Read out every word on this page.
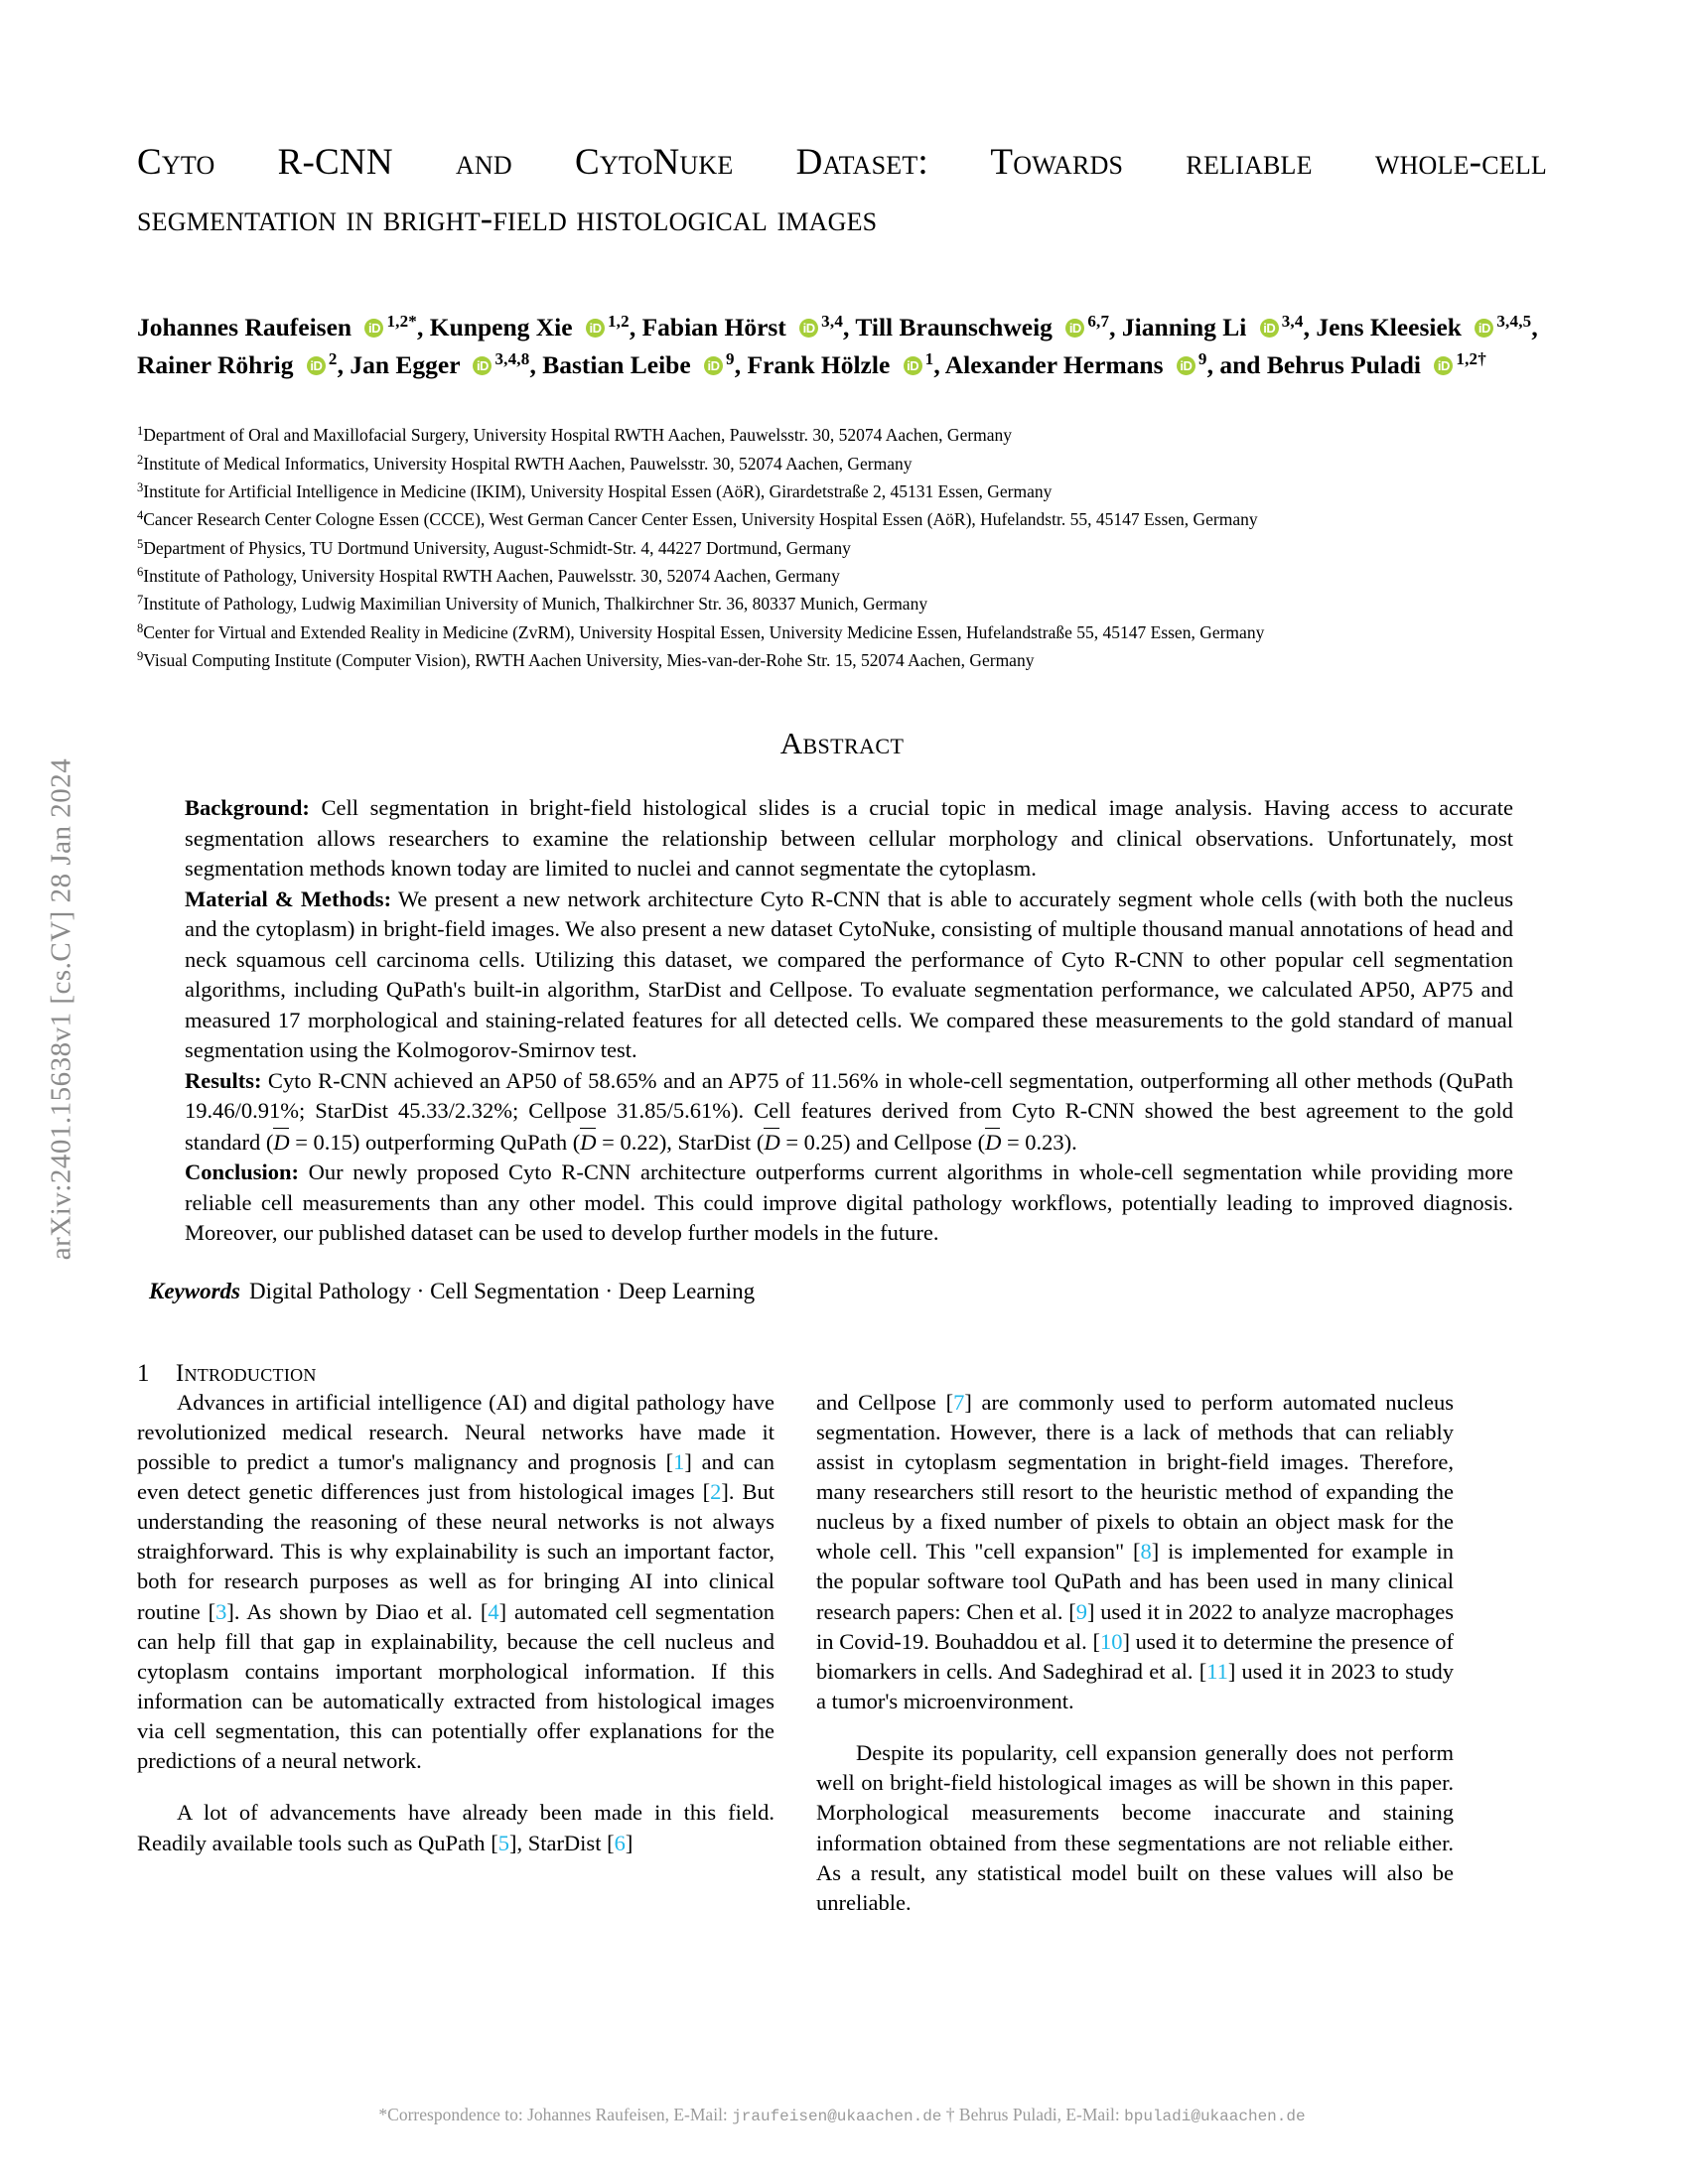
arXiv:2401.15638v1 [cs.CV] 28 Jan 2024
Cyto R-CNN and CytoNuke Dataset: Towards reliable whole-cell
segmentation in bright-field histological images
Johannes Raufeisen iD $^{1,2*}$, Kunpeng Xie iD $^{1,2}$, Fabian Hörst iD $^{3,4}$, Till Braunschweig iD $^{6,7}$, Jianning Li iD $^{3,4}$, Jens Kleesiek iD $^{3,4,5}$, Rainer Röhrig iD $^2$, Jan Egger iD $^{3,4,8}$, Bastian Leibe iD $^9$, Frank Hölzle iD $^1$, Alexander Hermans iD $^9$, and Behrus Puladi iD $^{1,2\dagger}$
$^1$Department of Oral and Maxillofacial Surgery, University Hospital RWTH Aachen, Pauwelsstr. 30, 52074 Aachen, Germany
$^2$Institute of Medical Informatics, University Hospital RWTH Aachen, Pauwelsstr. 30, 52074 Aachen, Germany
$^3$Institute for Artificial Intelligence in Medicine (IKIM), University Hospital Essen (AöR), Girardetstraße 2, 45131 Essen, Germany
$^4$Cancer Research Center Cologne Essen (CCCE), West German Cancer Center Essen, University Hospital Essen (AöR), Hufelandstr. 55, 45147 Essen, Germany
$^5$Department of Physics, TU Dortmund University, August-Schmidt-Str. 4, 44227 Dortmund, Germany
$^6$Institute of Pathology, University Hospital RWTH Aachen, Pauwelsstr. 30, 52074 Aachen, Germany
$^7$Institute of Pathology, Ludwig Maximilian University of Munich, Thalkirchner Str. 36, 80337 Munich, Germany
$^8$Center for Virtual and Extended Reality in Medicine (ZvRM), University Hospital Essen, University Medicine Essen, Hufelandstraße 55, 45147 Essen, Germany
$^9$Visual Computing Institute (Computer Vision), RWTH Aachen University, Mies-van-der-Rohe Str. 15, 52074 Aachen, Germany
Abstract

Background: Cell segmentation in bright-field histological slides is a crucial topic in medical image analysis. Having access to accurate segmentation allows researchers to examine the relationship between cellular morphology and clinical observations. Unfortunately, most segmentation methods known today are limited to nuclei and cannot segmentate the cytoplasm.

Material & Methods: We present a new network architecture Cyto R-CNN that is able to accurately segment whole cells (with both the nucleus and the cytoplasm) in bright-field images. We also present a new dataset CytoNuke, consisting of multiple thousand manual annotations of head and neck squamous cell carcinoma cells. Utilizing this dataset, we compared the performance of Cyto R-CNN to other popular cell segmentation algorithms, including QuPath's built-in algorithm, StarDist and Cellpose. To evaluate segmentation performance, we calculated AP50, AP75 and measured 17 morphological and staining-related features for all detected cells. We compared these measurements to the gold standard of manual segmentation using the Kolmogorov-Smirnov test.

Results: Cyto R-CNN achieved an AP50 of 58.65% and an AP75 of 11.56% in whole-cell segmentation, outperforming all other methods (QuPath 19.46/0.91%; StarDist 45.33/2.32%; Cellpose 31.85/5.61%). Cell features derived from Cyto R-CNN showed the best agreement to the gold standard (D = 0.15) outperforming QuPath (D = 0.22), StarDist (D = 0.25) and Cellpose (D = 0.23).

Conclusion: Our newly proposed Cyto R-CNN architecture outperforms current algorithms in whole-cell segmentation while providing more reliable cell measurements than any other model. This could improve digital pathology workflows, potentially leading to improved diagnosis. Moreover, our published dataset can be used to develop further models in the future.

Keywords Digital Pathology · Cell Segmentation · Deep Learning
1 Introduction

Advances in artificial intelligence (AI) and digital pathology have revolutionized medical research. Neural networks have made it possible to predict a tumor's malignancy and prognosis [1] and can even detect genetic differences just from histological images [2]. But understanding the reasoning of these neural networks is not always straighforward. This is why explainability is such an important factor, both for research purposes as well as for bringing AI into clinical routine [3]. As shown by Diao et al. [4] automated cell segmentation can help fill that gap in explainability, because the cell nucleus and cytoplasm contains important morphological information. If this information can be automatically extracted from histological images via cell segmentation, this can potentially offer explanations for the predictions of a neural network.

A lot of advancements have already been made in this field. Readily available tools such as QuPath [5], StarDist [6]

and Cellpose [7] are commonly used to perform automated nucleus segmentation. However, there is a lack of methods that can reliably assist in cytoplasm segmentation in bright-field images. Therefore, many researchers still resort to the heuristic method of expanding the nucleus by a fixed number of pixels to obtain an object mask for the whole cell. This "cell expansion" [8] is implemented for example in the popular software tool QuPath and has been used in many clinical research papers: Chen et al. [9] used it in 2022 to analyze macrophages in Covid-19. Bouhaddou et al. [10] used it to determine the presence of biomarkers in cells. And Sadeghirad et al. [11] used it in 2023 to study a tumor's microenvironment.

Despite its popularity, cell expansion generally does not perform well on bright-field histological images as will be shown in this paper. Morphological measurements become inaccurate and staining information obtained from these segmentations are not reliable either. As a result, any statistical model built on these values will also be unreliable.

*Correspondence to: Johannes Raufeisen, E-Mail: jraufeisen@ukaachen.de † Behrus Puladi, E-Mail: bpuladi@ukaachen.de
